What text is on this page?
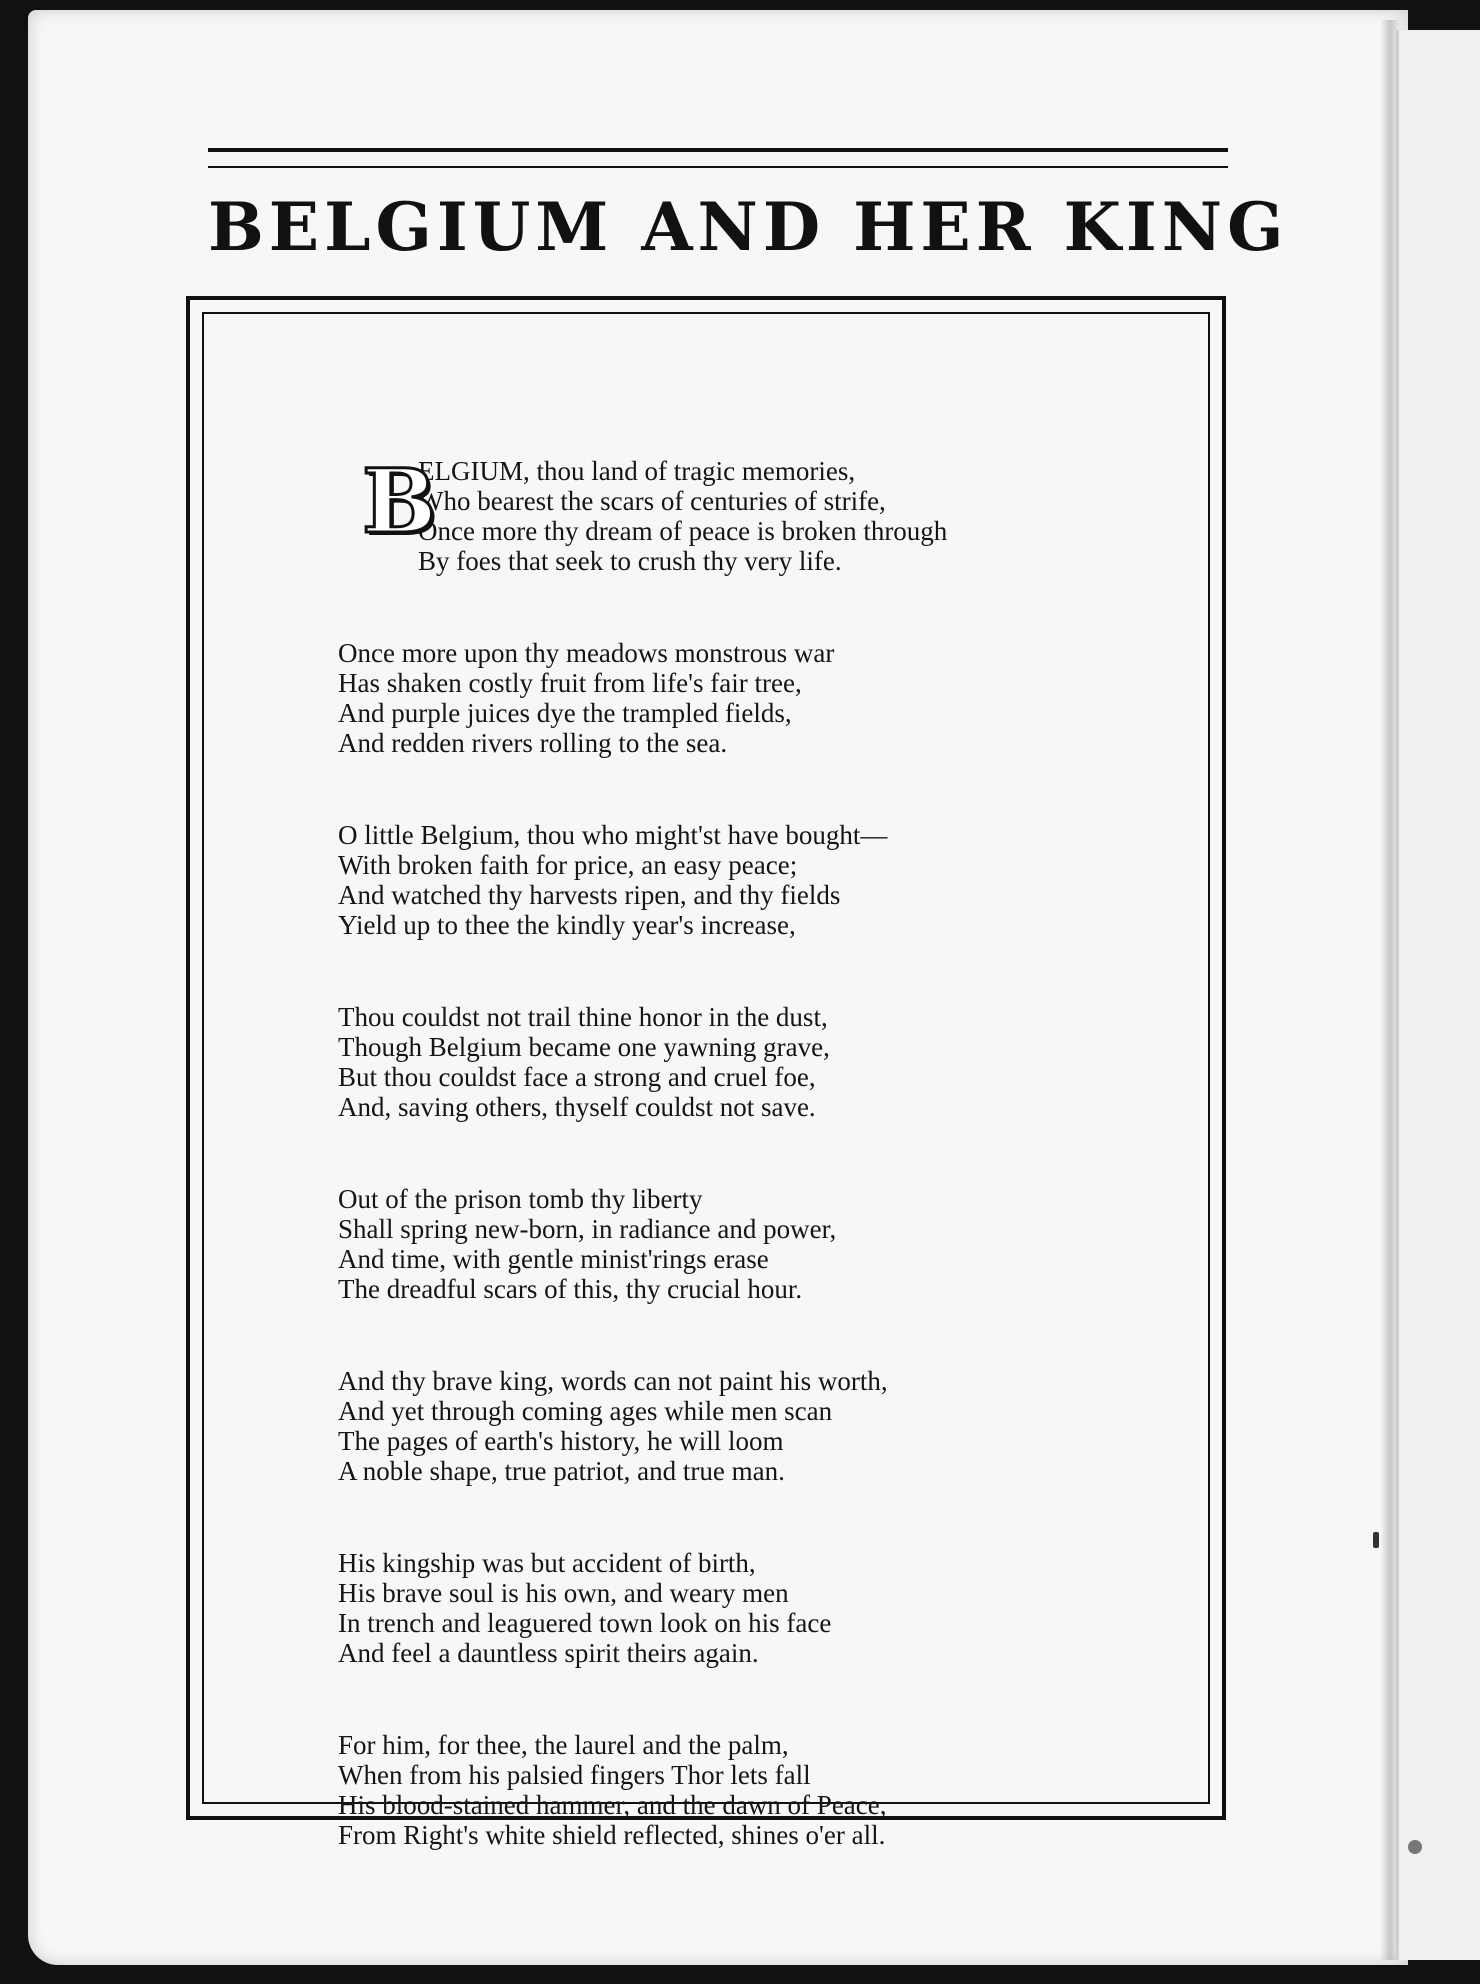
BELGIUM AND HER KING
B
ELGIUM, thou land of tragic memories,
Who bearest the scars of centuries of strife,
Once more thy dream of peace is broken through
By foes that seek to crush thy very life.
Once more upon thy meadows monstrous war
Has shaken costly fruit from life's fair tree,
And purple juices dye the trampled fields,
And redden rivers rolling to the sea.
O little Belgium, thou who might'st have bought—
With broken faith for price, an easy peace;
And watched thy harvests ripen, and thy fields
Yield up to thee the kindly year's increase,
Thou couldst not trail thine honor in the dust,
Though Belgium became one yawning grave,
But thou couldst face a strong and cruel foe,
And, saving others, thyself couldst not save.
Out of the prison tomb thy liberty
Shall spring new-born, in radiance and power,
And time, with gentle minist'rings erase
The dreadful scars of this, thy crucial hour.
And thy brave king, words can not paint his worth,
And yet through coming ages while men scan
The pages of earth's history, he will loom
A noble shape, true patriot, and true man.
His kingship was but accident of birth,
His brave soul is his own, and weary men
In trench and leaguered town look on his face
And feel a dauntless spirit theirs again.
For him, for thee, the laurel and the palm,
When from his palsied fingers Thor lets fall
His blood-stained hammer, and the dawn of Peace,
From Right's white shield reflected, shines o'er all.
